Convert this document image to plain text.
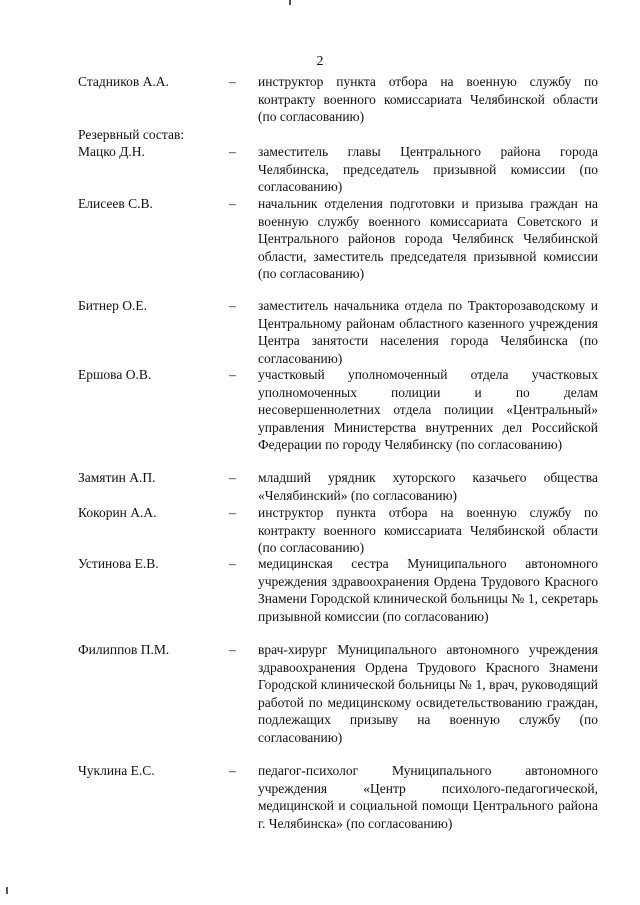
2
Стадников А.А.	– инструктор пункта отбора на военную службу по контракту военного комиссариата Челябинской области (по согласованию)
Резервный состав:
Мацко Д.Н.	– заместитель главы Центрального района города Челябинска, председатель призывной комиссии (по согласованию)
Елисеев С.В.	– начальник отделения подготовки и призыва граждан на военную службу военного комиссариата Советского и Центрального районов города Челябинск Челябинской области, заместитель председателя призывной комиссии (по согласованию)
Битнер О.Е.	– заместитель начальника отдела по Тракторозаводскому и Центральному районам областного казенного учреждения Центра занятости населения города Челябинска (по согласованию)
Ершова О.В.	– участковый уполномоченный отдела участковых уполномоченных полиции и по делам несовершеннолетних отдела полиции «Центральный» управления Министерства внутренних дел Российской Федерации по городу Челябинску (по согласованию)
Замятин А.П.	– младший урядник хуторского казачьего общества «Челябинский» (по согласованию)
Кокорин А.А.	– инструктор пункта отбора на военную службу по контракту военного комиссариата Челябинской области (по согласованию)
Устинова Е.В.	– медицинская сестра Муниципального автономного учреждения здравоохранения Ордена Трудового Красного Знамени Городской клинической больницы № 1, секретарь призывной комиссии (по согласованию)
Филиппов П.М.	– врач-хирург Муниципального автономного учреждения здравоохранения Ордена Трудового Красного Знамени Городской клинической больницы № 1, врач, руководящий работой по медицинскому освидетельствованию граждан, подлежащих призыву на военную службу (по согласованию)
Чуклина Е.С.	– педагог-психолог Муниципального автономного учреждения «Центр психолого-педагогической, медицинской и социальной помощи Центрального района г. Челябинска» (по согласованию)
